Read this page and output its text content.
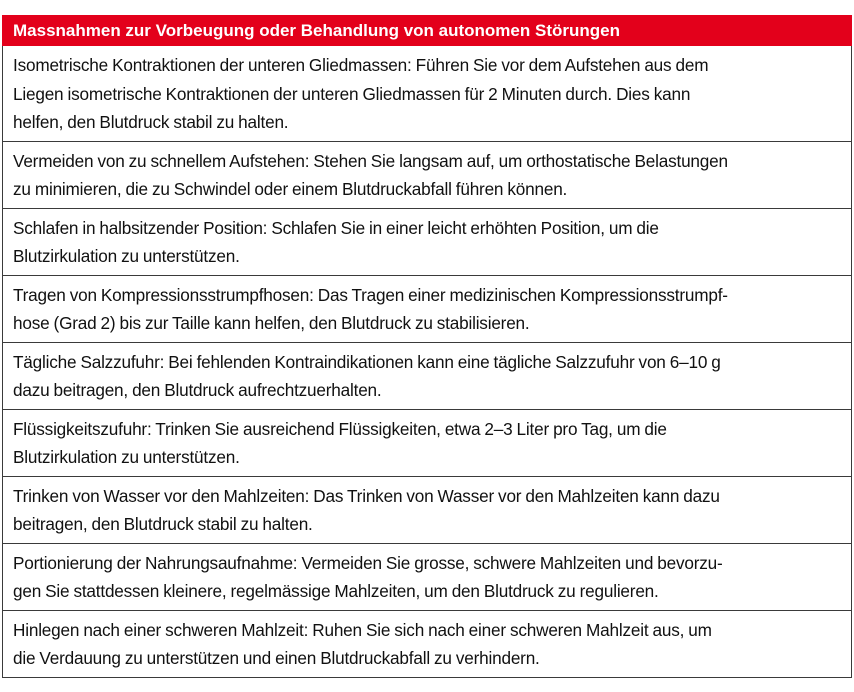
Massnahmen zur Vorbeugung oder Behandlung von autonomen Störungen
Isometrische Kontraktionen der unteren Gliedmassen: Führen Sie vor dem Aufstehen aus dem
Liegen isometrische Kontraktionen der unteren Gliedmassen für 2 Minuten durch. Dies kann
helfen, den Blutdruck stabil zu halten.
Vermeiden von zu schnellem Aufstehen: Stehen Sie langsam auf, um orthostatische Belastungen
zu minimieren, die zu Schwindel oder einem Blutdruckabfall führen können.
Schlafen in halbsitzender Position: Schlafen Sie in einer leicht erhöhten Position, um die
Blutzirkulation zu unterstützen.
Tragen von Kompressionsstrumpfhosen: Das Tragen einer medizinischen Kompressionsstrumpf-
hose (Grad 2) bis zur Taille kann helfen, den Blutdruck zu stabilisieren.
Tägliche Salzzufuhr: Bei fehlenden Kontraindikationen kann eine tägliche Salzzufuhr von 6–10 g
dazu beitragen, den Blutdruck aufrechtzuerhalten.
Flüssigkeitszufuhr: Trinken Sie ausreichend Flüssigkeiten, etwa 2–3 Liter pro Tag, um die
Blutzirkulation zu unterstützen.
Trinken von Wasser vor den Mahlzeiten: Das Trinken von Wasser vor den Mahlzeiten kann dazu
beitragen, den Blutdruck stabil zu halten.
Portionierung der Nahrungsaufnahme: Vermeiden Sie grosse, schwere Mahlzeiten und bevorzu-
gen Sie stattdessen kleinere, regelmässige Mahlzeiten, um den Blutdruck zu regulieren.
Hinlegen nach einer schweren Mahlzeit: Ruhen Sie sich nach einer schweren Mahlzeit aus, um
die Verdauung zu unterstützen und einen Blutdruckabfall zu verhindern.
